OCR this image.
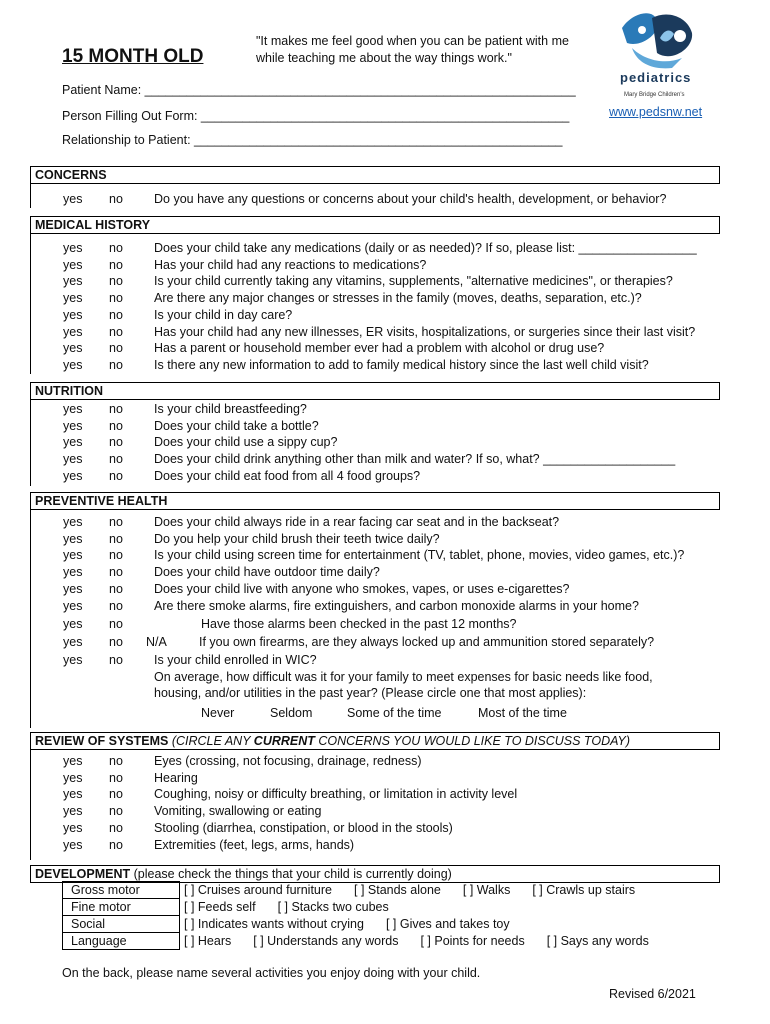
15 MONTH OLD
"It makes me feel good when you can be patient with me while teaching me about the way things work."
Patient Name: ______________________________________________________________
Person Filling Out Form: _____________________________________________________
Relationship to Patient: _____________________________________________________
pediatrics
Mary Bridge Children's
www.pedsnw.net
CONCERNS
yes no Do you have any questions or concerns about your child's health, development, or behavior?
MEDICAL HISTORY
yes no Does your child take any medications (daily or as needed)? If so, please list: _________________
yes no Has your child had any reactions to medications?
yes no Is your child currently taking any vitamins, supplements, "alternative medicines", or therapies?
yes no Are there any major changes or stresses in the family (moves, deaths, separation, etc.)?
yes no Is your child in day care?
yes no Has your child had any new illnesses, ER visits, hospitalizations, or surgeries since their last visit?
yes no Has a parent or household member ever had a problem with alcohol or drug use?
yes no Is there any new information to add to family medical history since the last well child visit?
NUTRITION
yes no Is your child breastfeeding?
yes no Does your child take a bottle?
yes no Does your child use a sippy cup?
yes no Does your child drink anything other than milk and water? If so, what? ___________________
yes no Does your child eat food from all 4 food groups?
PREVENTIVE HEALTH
yes no	Have those alarms been checked in the past 12 months?
yes no N/A	If you own firearms, are they always locked up and ammunition stored separately?
yes no Is your child enrolled in WIC?
On average, how difficult was it for your family to meet expenses for basic needs like food,
housing, and/or utilities in the past year? (Please circle one that most applies):
Never	Seldom	Some of the time	Most of the time
yes no Does your child always ride in a rear facing car seat and in the backseat?
yes no Do you help your child brush their teeth twice daily?
yes no Is your child using screen time for entertainment (TV, tablet, phone, movies, video games, etc.)?
yes no Does your child have outdoor time daily?
yes no Does your child live with anyone who smokes, vapes, or uses e-cigarettes?
yes no Are there smoke alarms, fire extinguishers, and carbon monoxide alarms in your home?
REVIEW OF SYSTEMS (CIRCLE ANY CURRENT CONCERNS YOU WOULD LIKE TO DISCUSS TODAY)
yes no Eyes (crossing, not focusing, drainage, redness)
yes no Hearing
yes no Coughing, noisy or difficulty breathing, or limitation in activity level
yes no Vomiting, swallowing or eating
yes no Stooling (diarrhea, constipation, or blood in the stools)
yes no Extremities (feet, legs, arms, hands)
DEVELOPMENT (please check the things that your child is currently doing)
Gross motor	[ ] Cruises around furniture [ ] Stands alone [ ] Walks [ ] Crawls up stairs
Fine motor	[ ] Feeds self [ ] Stacks two cubes
Social	[ ] Indicates wants without crying [ ] Gives and takes toy
Language	[ ] Hears [ ] Understands any words [ ] Points for needs [ ] Says any words
On the back, please name several activities you enjoy doing with your child.
Revised 6/2021
